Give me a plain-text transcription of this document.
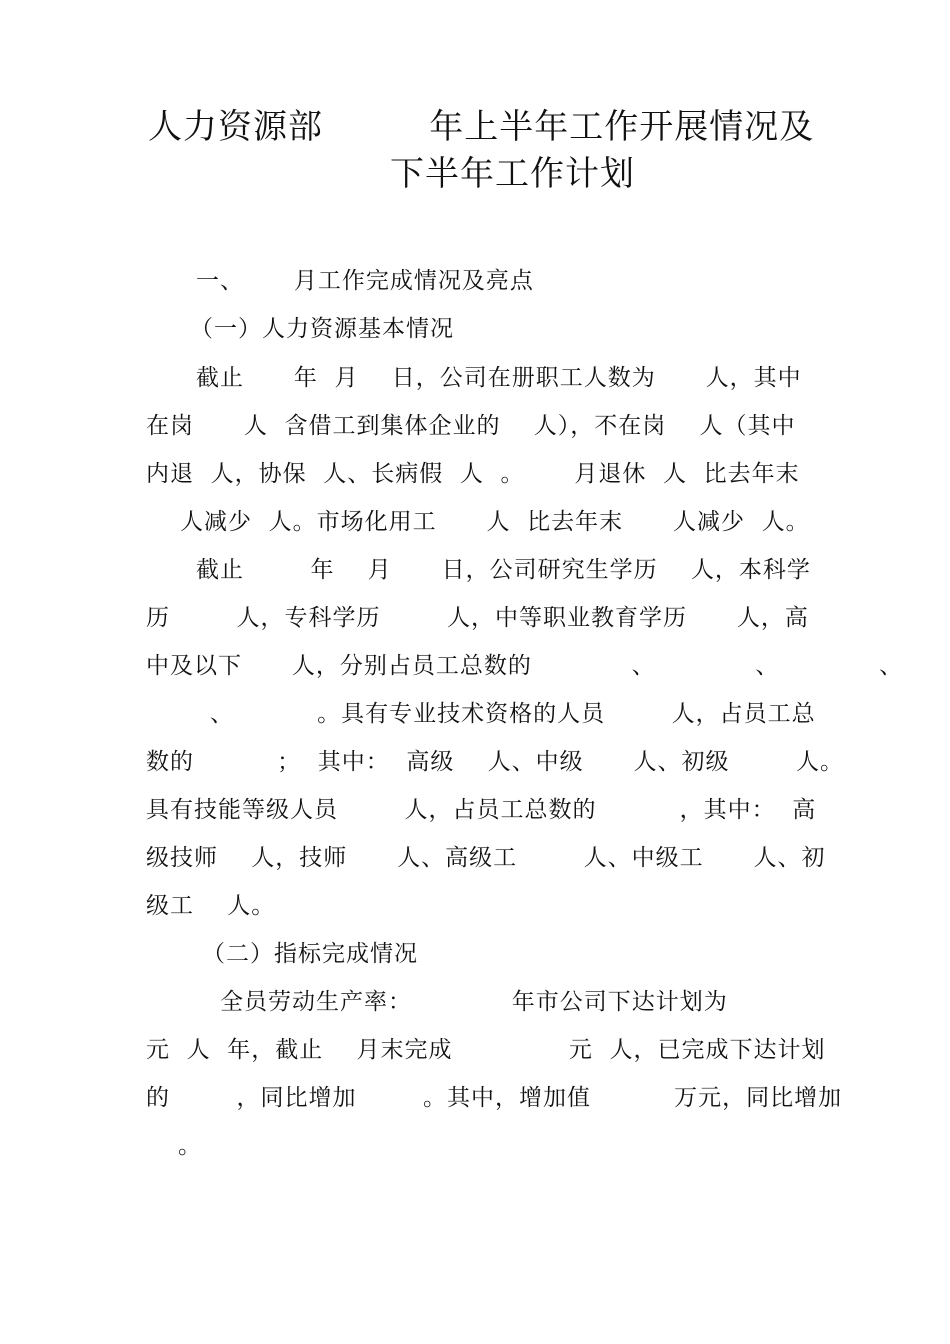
人力资源部         年上半年工作开展情况及
下半年工作计划
一、      月工作完成情况及亮点
（一）人力资源基本情况
截止      年  月    日，公司在册职工人数为      人，其中
在岗      人  含借工到集体企业的    人），不在岗    人（其中
内退  人，协保  人、长病假  人  。      月退休  人  比去年末
人减少  人。市场化用工      人  比去年末      人减少  人。
截止        年    月      日，公司研究生学历    人，本科学
历        人，专科学历        人，中等职业教育学历      人，高
中及以下      人，分别占员工总数的            、            、            、
、          。具有专业技术资格的人员        人，占员工总
数的          ；  其中：  高级    人、中级      人、初级        人。
具有技能等级人员        人，占员工总数的          ，其中：  高
级技师    人，技师      人、高级工        人、中级工      人、初
级工    人。
（二）指标完成情况
全员劳动生产率：            年市公司下达计划为
元  人  年，截止    月末完成              元  人，已完成下达计划
的        ，同比增加        。其中，增加值          万元，同比增加
。
